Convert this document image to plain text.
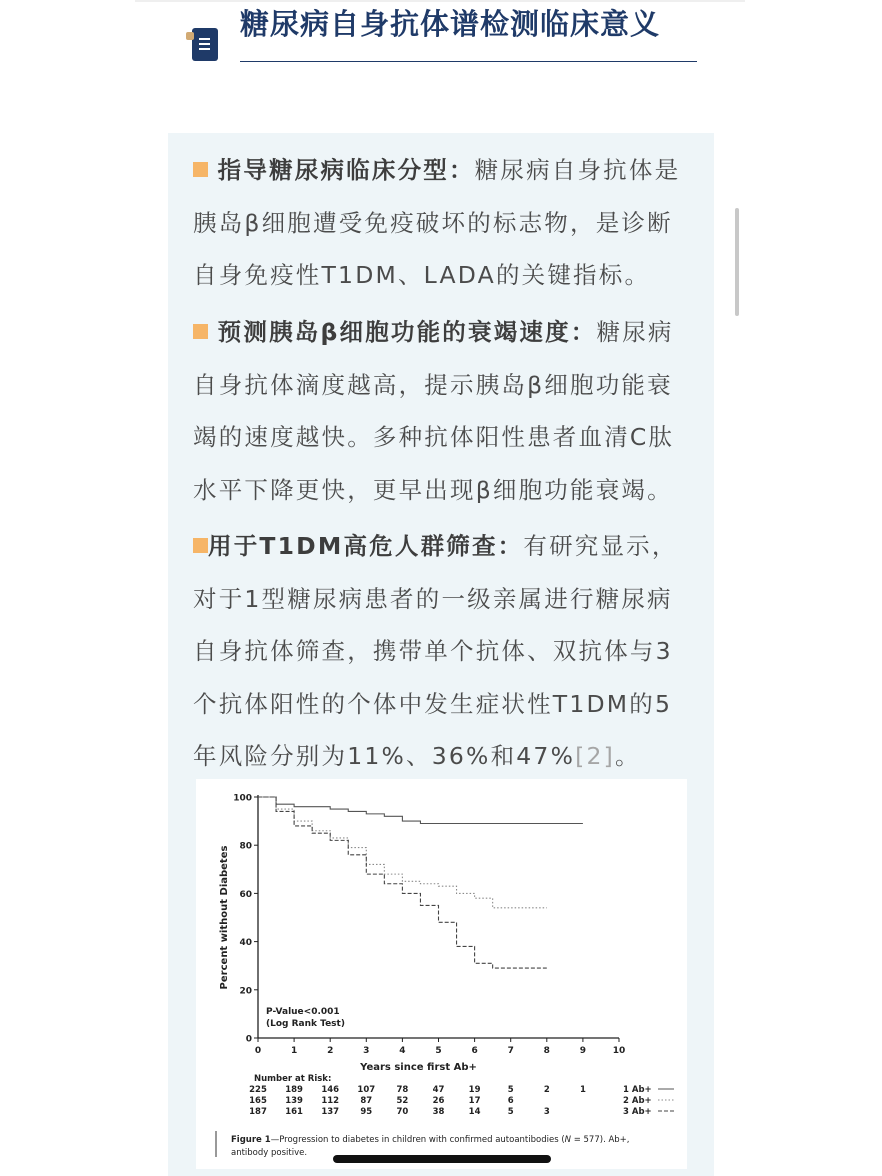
糖尿病自身抗体谱检测临床意义

指导糖尿病临床分型：糖尿病自身抗体是胰岛β细胞遭受免疫破坏的标志物，是诊断自身免疫性T1DM、LADA的关键指标。

预测胰岛β细胞功能的衰竭速度：糖尿病自身抗体滴度越高，提示胰岛β细胞功能衰竭的速度越快。多种抗体阳性患者血清C肽水平下降更快，更早出现β细胞功能衰竭。

用于T1DM高危人群筛查：有研究显示，对于1型糖尿病患者的一级亲属进行糖尿病自身抗体筛查，携带单个抗体、双抗体与3个抗体阳性的个体中发生症状性T1DM的5年风险分别为11%、36%和47%[2]。

0
20
40
60
80
100
0	1	2	3	4	5	6	7	8	9	10
Years since first Ab+
Percent without Diabetes
P-Value<0.001
(Log Rank Test)
Number at Risk:
225 189 146 107	78	47	19	5	2	1	1 Ab+
165 139 112	87	52	26	17	6	2 Ab+
187 161 137	95	70	38	14	5	3	3 Ab+
Figure 1—Progression to diabetes in children with confirmed autoantibodies (N = 577). Ab+,
antibody positive.
